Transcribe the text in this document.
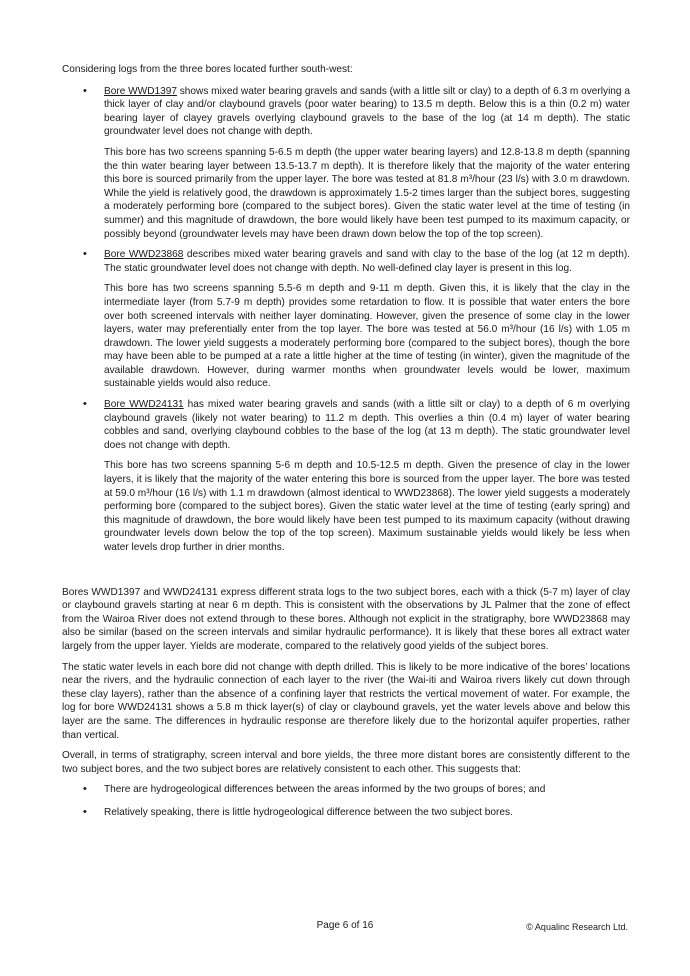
Considering logs from the three bores located further south-west:

• Bore WWD1397 shows mixed water bearing gravels and sands (with a little silt or clay) to a depth of 6.3 m overlying a thick layer of clay and/or claybound gravels (poor water bearing) to 13.5 m depth. Below this is a thin (0.2 m) water bearing layer of clayey gravels overlying claybound gravels to the base of the log (at 14 m depth). The static groundwater level does not change with depth.

This bore has two screens spanning 5-6.5 m depth (the upper water bearing layers) and 12.8-13.8 m depth (spanning the thin water bearing layer between 13.5-13.7 m depth). It is therefore likely that the majority of the water entering this bore is sourced primarily from the upper layer. The bore was tested at 81.8 m³/hour (23 l/s) with 3.0 m drawdown. While the yield is relatively good, the drawdown is approximately 1.5-2 times larger than the subject bores, suggesting a moderately performing bore (compared to the subject bores). Given the static water level at the time of testing (in summer) and this magnitude of drawdown, the bore would likely have been test pumped to its maximum capacity, or possibly beyond (groundwater levels may have been drawn down below the top of the top screen).

• Bore WWD23868 describes mixed water bearing gravels and sand with clay to the base of the log (at 12 m depth). The static groundwater level does not change with depth. No well-defined clay layer is present in this log.

This bore has two screens spanning 5.5-6 m depth and 9-11 m depth. Given this, it is likely that the clay in the intermediate layer (from 5.7-9 m depth) provides some retardation to flow. It is possible that water enters the bore over both screened intervals with neither layer dominating. However, given the presence of some clay in the lower layers, water may preferentially enter from the top layer. The bore was tested at 56.0 m³/hour (16 l/s) with 1.05 m drawdown. The lower yield suggests a moderately performing bore (compared to the subject bores), though the bore may have been able to be pumped at a rate a little higher at the time of testing (in winter), given the magnitude of the available drawdown. However, during warmer months when groundwater levels would be lower, maximum sustainable yields would also reduce.

• Bore WWD24131 has mixed water bearing gravels and sands (with a little silt or clay) to a depth of 6 m overlying claybound gravels (likely not water bearing) to 11.2 m depth. This overlies a thin (0.4 m) layer of water bearing cobbles and sand, overlying claybound cobbles to the base of the log (at 13 m depth). The static groundwater level does not change with depth.

This bore has two screens spanning 5-6 m depth and 10.5-12.5 m depth. Given the presence of clay in the lower layers, it is likely that the majority of the water entering this bore is sourced from the upper layer. The bore was tested at 59.0 m³/hour (16 l/s) with 1.1 m drawdown (almost identical to WWD23868). The lower yield suggests a moderately performing bore (compared to the subject bores). Given the static water level at the time of testing (early spring) and this magnitude of drawdown, the bore would likely have been test pumped to its maximum capacity (without drawing groundwater levels down below the top of the top screen). Maximum sustainable yields would likely be less when water levels drop further in drier months.

Bores WWD1397 and WWD24131 express different strata logs to the two subject bores, each with a thick (5-7 m) layer of clay or claybound gravels starting at near 6 m depth. This is consistent with the observations by JL Palmer that the zone of effect from the Wairoa River does not extend through to these bores. Although not explicit in the stratigraphy, bore WWD23868 may also be similar (based on the screen intervals and similar hydraulic performance). It is likely that these bores all extract water largely from the upper layer. Yields are moderate, compared to the relatively good yields of the subject bores.

The static water levels in each bore did not change with depth drilled. This is likely to be more indicative of the bores’ locations near the rivers, and the hydraulic connection of each layer to the river (the Wai-iti and Wairoa rivers likely cut down through these clay layers), rather than the absence of a confining layer that restricts the vertical movement of water. For example, the log for bore WWD24131 shows a 5.8 m thick layer(s) of clay or claybound gravels, yet the water levels above and below this layer are the same. The differences in hydraulic response are therefore likely due to the horizontal aquifer properties, rather than vertical.

Overall, in terms of stratigraphy, screen interval and bore yields, the three more distant bores are consistently different to the two subject bores, and the two subject bores are relatively consistent to each other. This suggests that:

• There are hydrogeological differences between the areas informed by the two groups of bores; and
• Relatively speaking, there is little hydrogeological difference between the two subject bores.
Page 6 of 16	© Aqualinc Research Ltd.
